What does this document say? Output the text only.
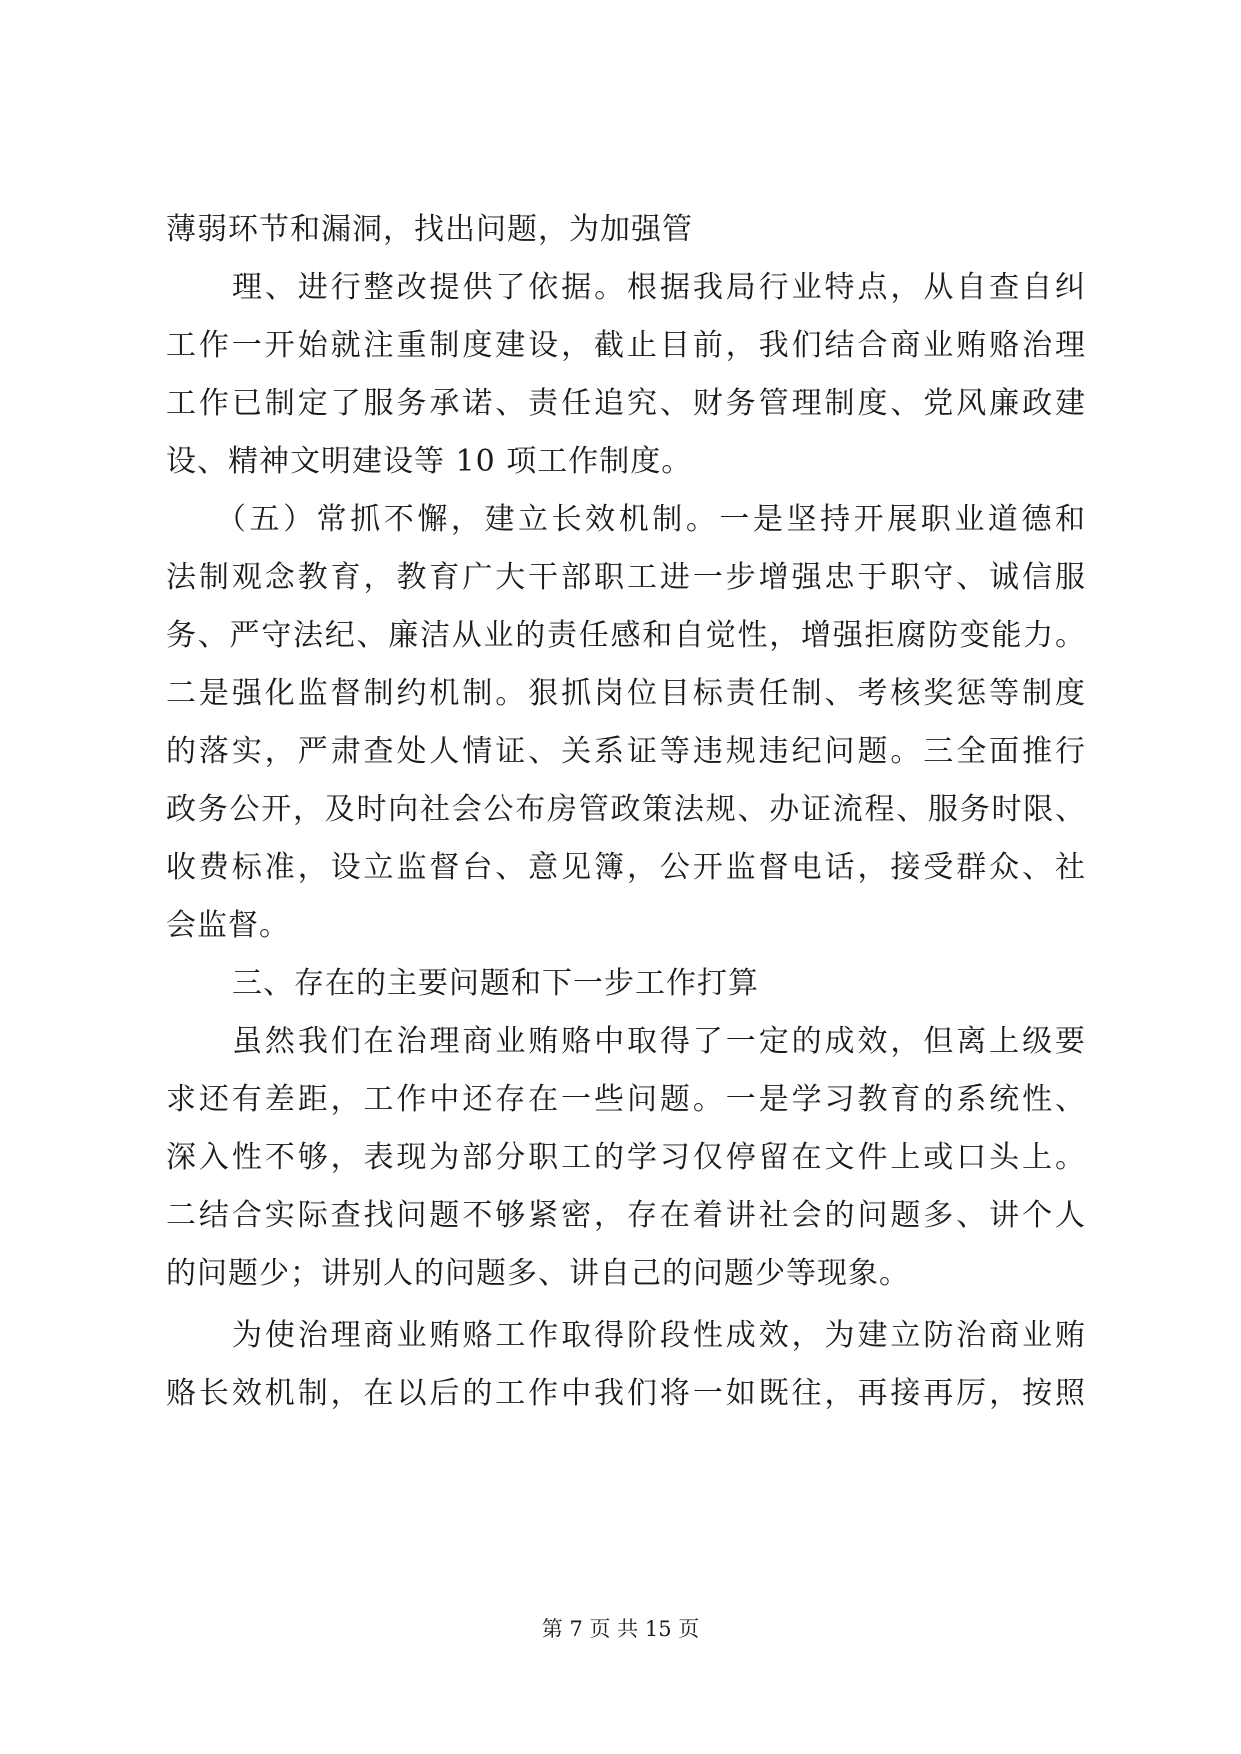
薄弱环节和漏洞，找出问题，为加强管
理、进行整改提供了依据。根据我局行业特点，从自查自纠
工作一开始就注重制度建设，截止目前，我们结合商业贿赂治理
工作已制定了服务承诺、责任追究、财务管理制度、党风廉政建
设、精神文明建设等 10 项工作制度。
（五）常抓不懈，建立长效机制。一是坚持开展职业道德和
法制观念教育，教育广大干部职工进一步增强忠于职守、诚信服
务、严守法纪、廉洁从业的责任感和自觉性，增强拒腐防变能力。
二是强化监督制约机制。狠抓岗位目标责任制、考核奖惩等制度
的落实，严肃查处人情证、关系证等违规违纪问题。三全面推行
政务公开，及时向社会公布房管政策法规、办证流程、服务时限、
收费标准，设立监督台、意见簿，公开监督电话，接受群众、社
会监督。
三、存在的主要问题和下一步工作打算
虽然我们在治理商业贿赂中取得了一定的成效，但离上级要
求还有差距，工作中还存在一些问题。一是学习教育的系统性、
深入性不够，表现为部分职工的学习仅停留在文件上或口头上。
二结合实际查找问题不够紧密，存在着讲社会的问题多、讲个人
的问题少；讲别人的问题多、讲自己的问题少等现象。
为使治理商业贿赂工作取得阶段性成效，为建立防治商业贿
赂长效机制，在以后的工作中我们将一如既往，再接再厉，按照
第 7 页 共 15 页
